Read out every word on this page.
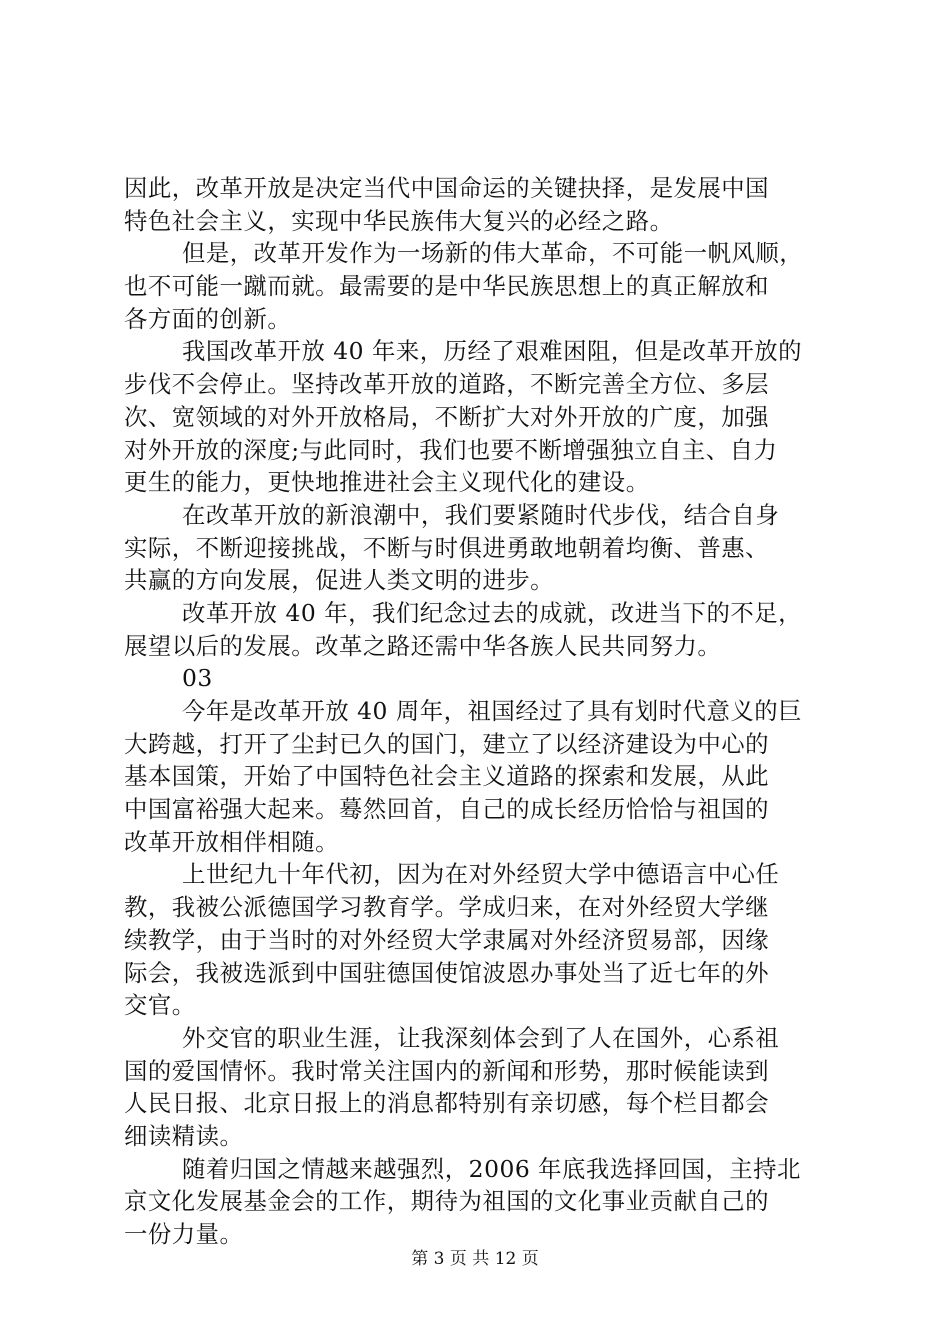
因此，改革开放是决定当代中国命运的关键抉择，是发展中国
特色社会主义，实现中华民族伟大复兴的必经之路。
但是，改革开发作为一场新的伟大革命，不可能一帆风顺，
也不可能一蹴而就。最需要的是中华民族思想上的真正解放和
各方面的创新。
我国改革开放 40 年来，历经了艰难困阻，但是改革开放的
步伐不会停止。坚持改革开放的道路，不断完善全方位、多层
次、宽领域的对外开放格局，不断扩大对外开放的广度，加强
对外开放的深度;与此同时，我们也要不断增强独立自主、自力
更生的能力，更快地推进社会主义现代化的建设。
在改革开放的新浪潮中，我们要紧随时代步伐，结合自身
实际，不断迎接挑战，不断与时俱进勇敢地朝着均衡、普惠、
共赢的方向发展，促进人类文明的进步。
改革开放 40 年，我们纪念过去的成就，改进当下的不足，
展望以后的发展。改革之路还需中华各族人民共同努力。
03
今年是改革开放 40 周年，祖国经过了具有划时代意义的巨
大跨越，打开了尘封已久的国门，建立了以经济建设为中心的
基本国策，开始了中国特色社会主义道路的探索和发展，从此
中国富裕强大起来。蓦然回首，自己的成长经历恰恰与祖国的
改革开放相伴相随。
上世纪九十年代初，因为在对外经贸大学中德语言中心任
教，我被公派德国学习教育学。学成归来，在对外经贸大学继
续教学，由于当时的对外经贸大学隶属对外经济贸易部，因缘
际会，我被选派到中国驻德国使馆波恩办事处当了近七年的外
交官。
外交官的职业生涯，让我深刻体会到了人在国外，心系祖
国的爱国情怀。我时常关注国内的新闻和形势，那时候能读到
人民日报、北京日报上的消息都特别有亲切感，每个栏目都会
细读精读。
随着归国之情越来越强烈，2006 年底我选择回国，主持北
京文化发展基金会的工作，期待为祖国的文化事业贡献自己的
一份力量。
第 3 页 共 12 页
